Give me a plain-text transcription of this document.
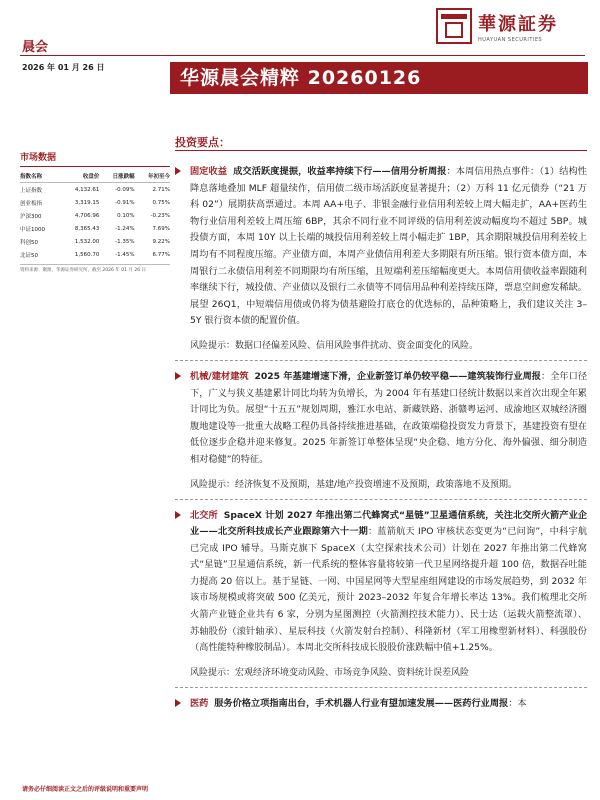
晨会
華源証券
HUAYUAN SECURITIES
2026 年 01 月 26 日	华源晨会精粹 20260126
市场数据
指数名称	收盘价	日涨跌幅	年初至今
上证指数	4,132.61	-0.09%	2.71%
创业板指	3,319.15	-0.91%	0.75%
沪深300	4,706.96	0.10%	-0.23%
中证1000	8,365.43	-1.24%	7.69%
科创50	1,532.00	-1.35%	9.22%
北证50	1,560.70	-1.45%	6.77%
资料来源：聚源，华源证券研究所，截至 2026 年 01 月 26 日
投资要点：

固定收益 成交活跃度提振，收益率持续下行——信用分析周报：本周信用热点事件：（1）结构性降息落地叠加 MLF 超量续作，信用债二级市场活跃度显著提升；（2）万科 11 亿元债券（“21 万科 02”）展期获高票通过。本周 AA+电子、非银金融行业信用利差较上周大幅走扩，AA+医药生物行业信用利差较上周压缩 6BP，其余不同行业不同评级的信用利差波动幅度均不超过 5BP。城投债方面，本周 10Y 以上长端的城投信用利差较上周小幅走扩 1BP，其余期限城投信用利差较上周均有不同程度压缩。产业债方面，本周产业债信用利差大多期限有所压缩。银行资本债方面，本周银行二永债信用利差不同期限均有所压缩，且短端利差压缩幅度更大。本周信用债收益率跟随利率继续下行，城投债、产业债以及银行二永债等不同信用品种利差持续压降，票息空间愈发稀缺。展望 26Q1，中短端信用债或仍将为债基避险打底仓的优选标的，品种策略上，我们建议关注 3–5Y 银行资本债的配置价值。

风险提示：数据口径偏差风险、信用风险事件扰动、资金面变化的风险。

机械/建材建筑 2025 年基建增速下滑，企业新签订单仍较平稳——建筑装饰行业周报：全年口径下，广义与狭义基建累计同比均转为负增长，为 2004 年有基建口径统计数据以来首次出现全年累计同比为负。展望“十五五”规划周期，雅江水电站、新藏铁路、浙赣粤运河、成渝地区双城经济圈腹地建设等一批重大战略工程仍具备持续推进基础，在政策端稳投资发力背景下，基建投资有望在低位逐步企稳并迎来修复。2025 年新签订单整体呈现“央企稳、地方分化、海外偏强、细分制造相对稳健”的特征。

风险提示：经济恢复不及预期，基建/地产投资增速不及预期，政策落地不及预期。

北交所 SpaceX 计划 2027 年推出第二代蜂窝式“星链”卫星通信系统，关注北交所火箭产业企业——北交所科技成长产业跟踪第六十一期：蓝箭航天 IPO 审核状态变更为“已问询”，中科宇航已完成 IPO 辅导。马斯克旗下 SpaceX（太空探索技术公司）计划在 2027 年推出第二代蜂窝式“星链”卫星通信系统，新一代系统的整体容量将较第一代卫星网络提升超 100 倍，数据吞吐能力提高 20 倍以上。基于星链、一网、中国星网等大型星座组网建设的市场发展趋势，到 2032 年该市场规模或将突破 500 亿美元，预计 2023–2032 年复合年增长率达 13%。我们梳理北交所火箭产业链企业共有 6 家，分别为星图测控（火箭测控技术能力）、民士达（运载火箭整流罩）、苏轴股份（滚针轴承）、星辰科技（火箭发射台控制）、科隆新材（军工用橡塑新材料）、科强股份（高性能特种橡胶制品）。本周北交所科技成长股股价涨跌幅中值+1.25%。

风险提示：宏观经济环境变动风险、市场竞争风险、资料统计误差风险

医药 服务价格立项指南出台，手术机器人行业有望加速发展——医药行业周报：本

请务必仔细阅读正文之后的评级说明和重要声明
